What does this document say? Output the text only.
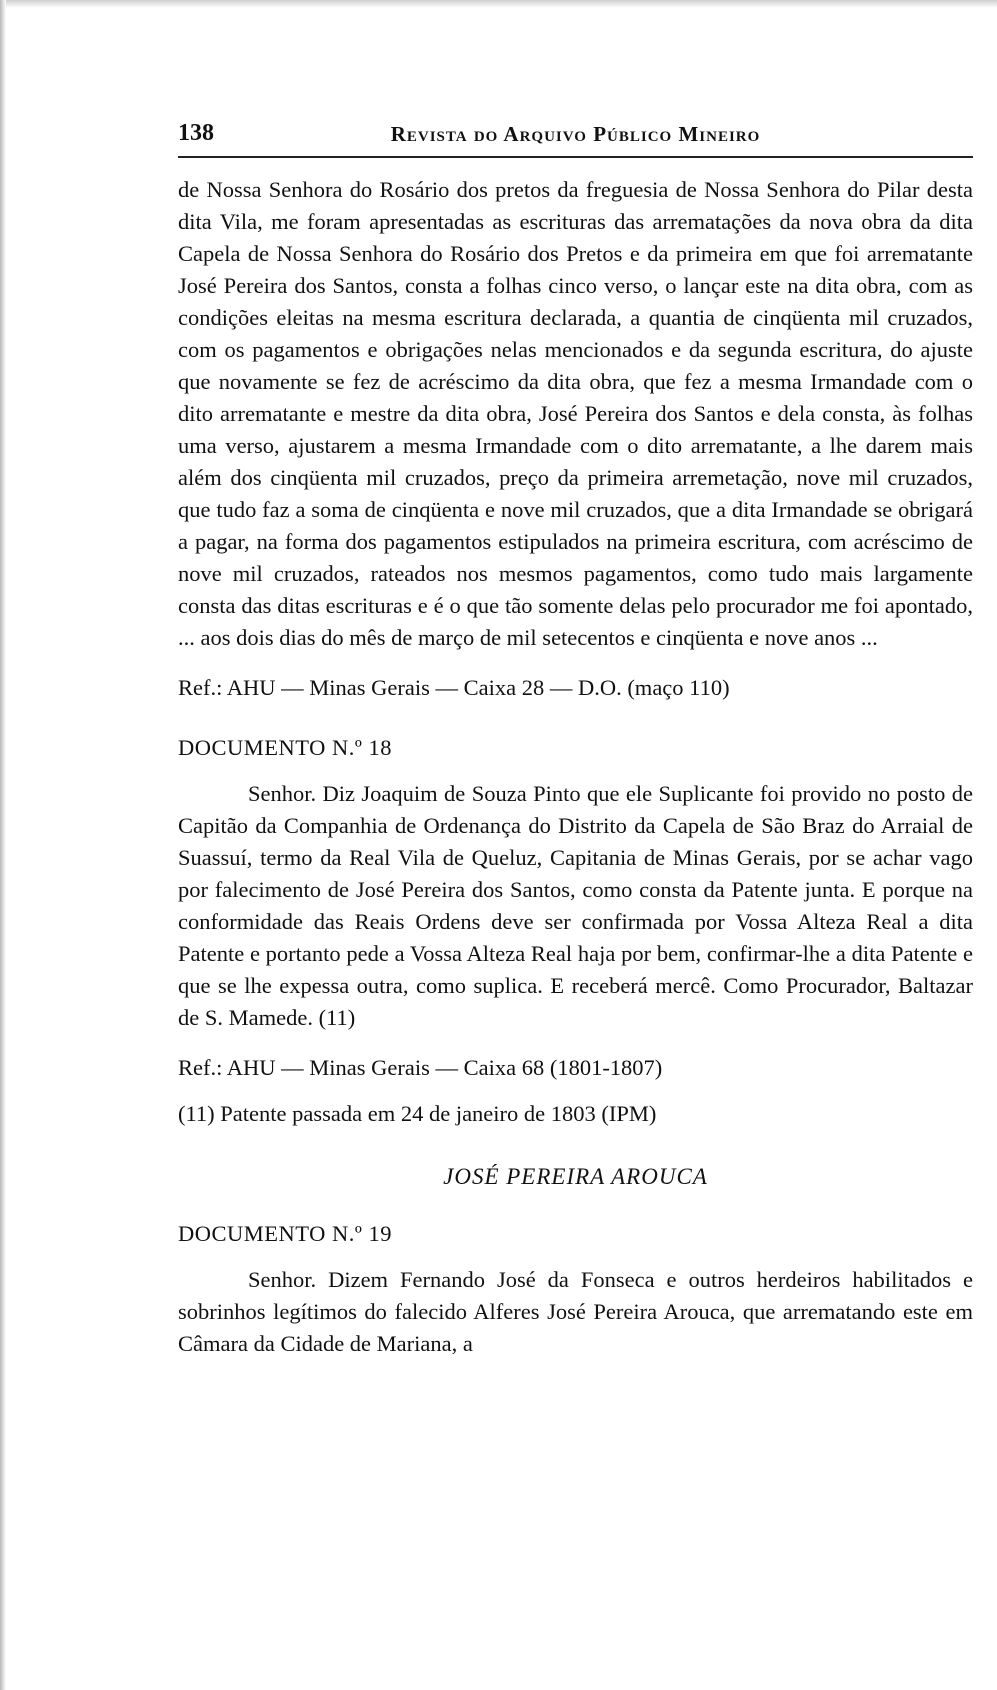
138	Revista do Arquivo Público Mineiro

de Nossa Senhora do Rosário dos pretos da freguesia de Nossa Senhora do Pilar desta dita Vila, me foram apresentadas as escrituras das arrematações da nova obra da dita Capela de Nossa Senhora do Rosário dos Pretos e da primeira em que foi arrematante José Pereira dos Santos, consta a folhas cinco verso, o lançar este na dita obra, com as condições eleitas na mesma escritura declarada, a quantia de cinqüenta mil cruzados, com os pagamentos e obrigações nelas mencionados e da segunda escritura, do ajuste que novamente se fez de acréscimo da dita obra, que fez a mesma Irmandade com o dito arrematante e mestre da dita obra, José Pereira dos Santos e dela consta, às folhas uma verso, ajustarem a mesma Irmandade com o dito arrematante, a lhe darem mais além dos cinqüenta mil cruzados, preço da primeira arremetação, nove mil cruzados, que tudo faz a soma de cinqüenta e nove mil cruzados, que a dita Irmandade se obrigará a pagar, na forma dos pagamentos estipulados na primeira escritura, com acréscimo de nove mil cruzados, rateados nos mesmos pagamentos, como tudo mais largamente consta das ditas escrituras e é o que tão somente delas pelo procurador me foi apontado, ... aos dois dias do mês de março de mil setecentos e cinqüenta e nove anos ...

Ref.: AHU — Minas Gerais — Caixa 28 — D.O. (maço 110)

DOCUMENTO N.º 18

Senhor. Diz Joaquim de Souza Pinto que ele Suplicante foi provido no posto de Capitão da Companhia de Ordenança do Distrito da Capela de São Braz do Arraial de Suassuí, termo da Real Vila de Queluz, Capitania de Minas Gerais, por se achar vago por falecimento de José Pereira dos Santos, como consta da Patente junta. E porque na conformidade das Reais Ordens deve ser confirmada por Vossa Alteza Real a dita Patente e portanto pede a Vossa Alteza Real haja por bem, confirmar-lhe a dita Patente e que se lhe expessa outra, como suplica. E receberá mercê. Como Procurador, Baltazar de S. Mamede. (11)

Ref.: AHU — Minas Gerais — Caixa 68 (1801-1807)

(11) Patente passada em 24 de janeiro de 1803 (IPM)

JOSÉ PEREIRA AROUCA
DOCUMENTO N.º 19

Senhor. Dizem Fernando José da Fonseca e outros herdeiros habilitados e sobrinhos legítimos do falecido Alferes José Pereira Arouca, que arrematando este em Câmara da Cidade de Mariana, a
